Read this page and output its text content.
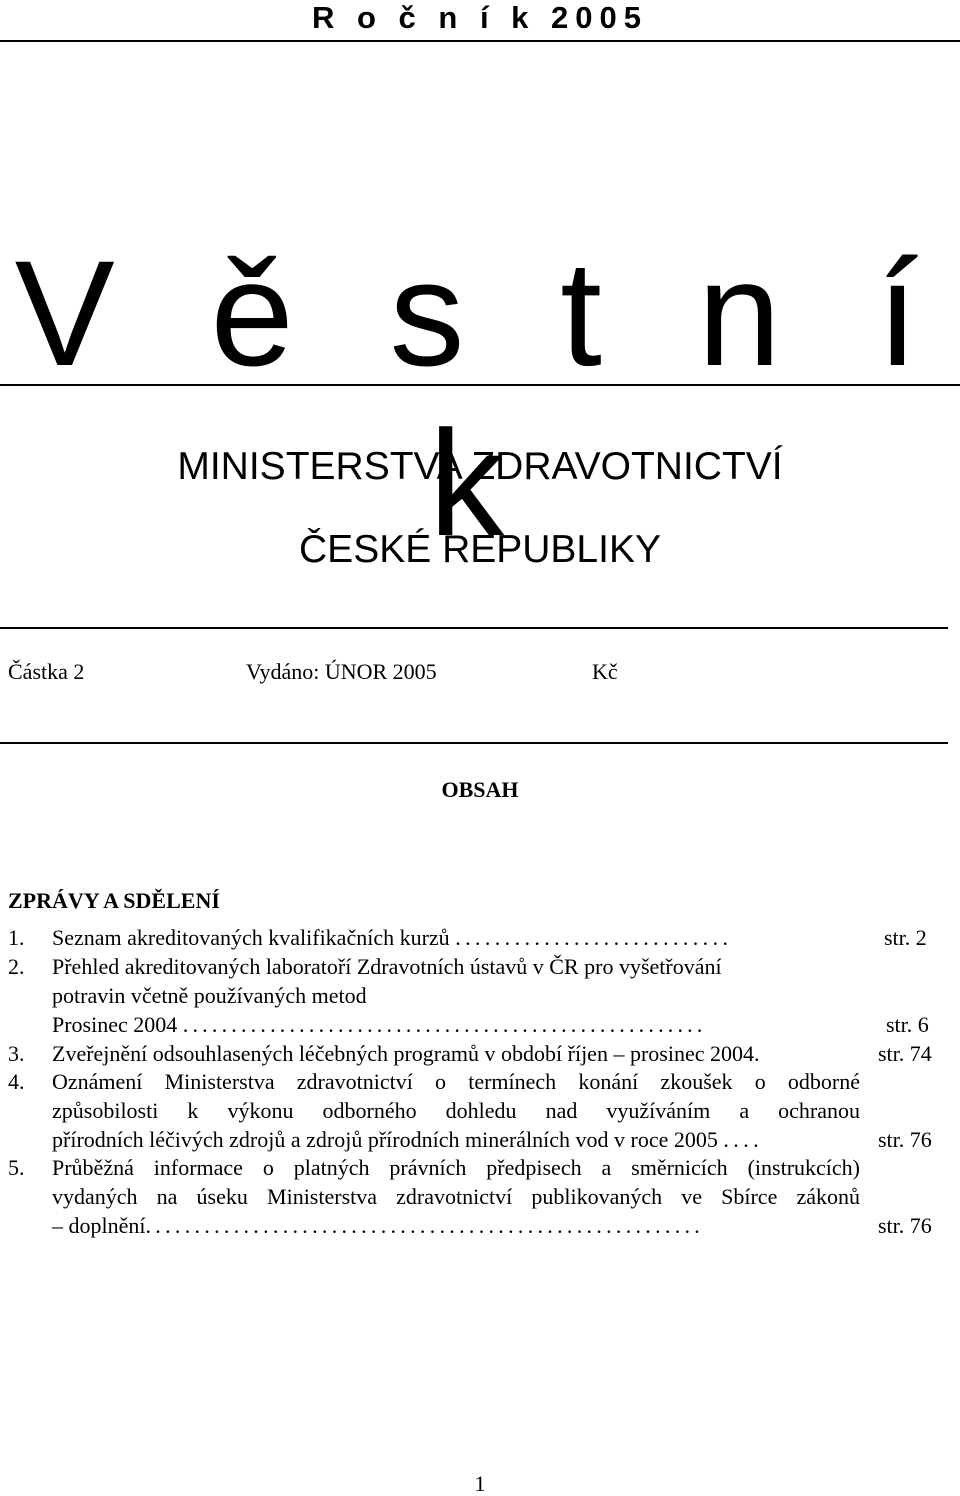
R o č n í k 2005
V ě s t n í k
MINISTERSTVA ZDRAVOTNICTVÍ
ČESKÉ REPUBLIKY
Částka 2	Vydáno: ÚNOR 2005	Kč
OBSAH
ZPRÁVY A SDĚLENÍ
1. Seznam akreditovaných kvalifikačních kurzů ............................	str. 2
2. Přehled akreditovaných laboratoří Zdravotních ústavů v ČR pro vyšetřování
potravin včetně používaných metod
Prosinec 2004 ......................................................	str. 6
3. Zveřejnění odsouhlasených léčebných programů v období říjen – prosinec 2004.	str. 74
4. Oznámení Ministerstva zdravotnictví o termínech konání zkoušek o odborné
způsobilosti k výkonu odborného dohledu nad využíváním a ochranou
přírodních léčivých zdrojů a zdrojů přírodních minerálních vod v roce 2005 ....	str. 76
5. Průběžná informace o platných právních předpisech a směrnicích (instrukcích)
vydaných na úseku Ministerstva zdravotnictví publikovaných ve Sbírce zákonů
– doplnění.........................................................	str. 76
1
